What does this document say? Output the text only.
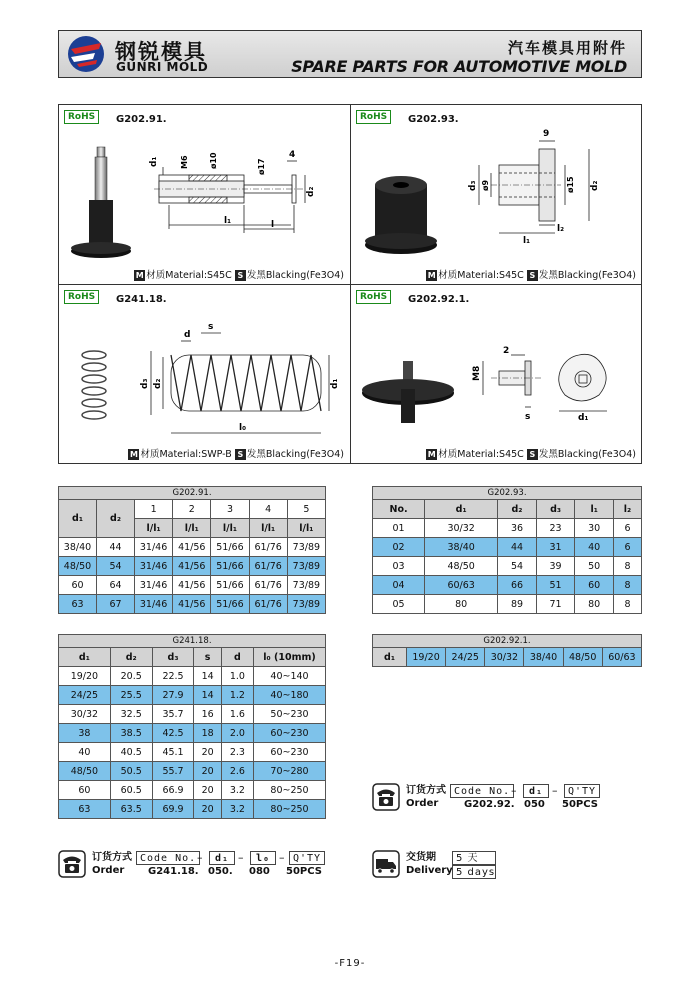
钢锐模具
GUNRI MOLD
汽车模具用附件
SPARE PARTS FOR AUTOMOTIVE MOLD
d₁	M6	ø10	ø17
4
d₂
l₁	l
RoHS	G202.91.
M 材质Material:S45C S 发黑Blacking(Fe3O4)
9
d₃ ø9	ø15 d₂
l₁
l₂
RoHS	G202.93.
M 材质Material:S45C S 发黑Blacking(Fe3O4)
d
s
d₃ d₂	d₁
l₀
RoHS	G241.18.
M 材质Material:SWP-B S 发黑Blacking(Fe3O4)
M8
2
s	d₁
RoHS	G202.92.1.
M 材质Material:S45C S 发黑Blacking(Fe3O4)
G202.91.						
d₁	d₂	1	2	3	4	5
		l/l₁	l/l₁	l/l₁	l/l₁	l/l₁
38/40	44	31/46	41/56	51/66	61/76	73/89
48/50	54	31/46	41/56	51/66	61/76	73/89
60	64	31/46	41/56	51/66	61/76	73/89
63	67	31/46	41/56	51/66	61/76	73/89
G202.93.					
No.	d₁	d₂	d₃	l₁	l₂
01	30/32	36	23	30	6
02	38/40	44	31	40	6
03	48/50	54	39	50	8
04	60/63	66	51	60	8
05	80	89	71	80	8
G241.18.					
d₁	d₂	d₃	s	d	l₀ (10mm)
19/20	20.5	22.5	14	1.0	40~140
24/25	25.5	27.9	14	1.2	40~180
30/32	32.5	35.7	16	1.6	50~230
38	38.5	42.5	18	2.0	60~230
40	40.5	45.1	20	2.3	60~230
48/50	50.5	55.7	20	2.6	70~280
60	60.5	66.9	20	3.2	80~250
63	63.5	69.9	20	3.2	80~250
G202.92.1.
d₁	19/20	24/25	30/32	38/40	48/50	60/63
订货方式
Order
Code No. –	d₁ –	Q'TY
G202.92. 050 50PCS
订货方式
Order
Code No. –	d₁ –	l₀ – Q'TY
G241.18. 050. 080 50PCS
交货期
Delivery
5 天
5 days
-F19-
